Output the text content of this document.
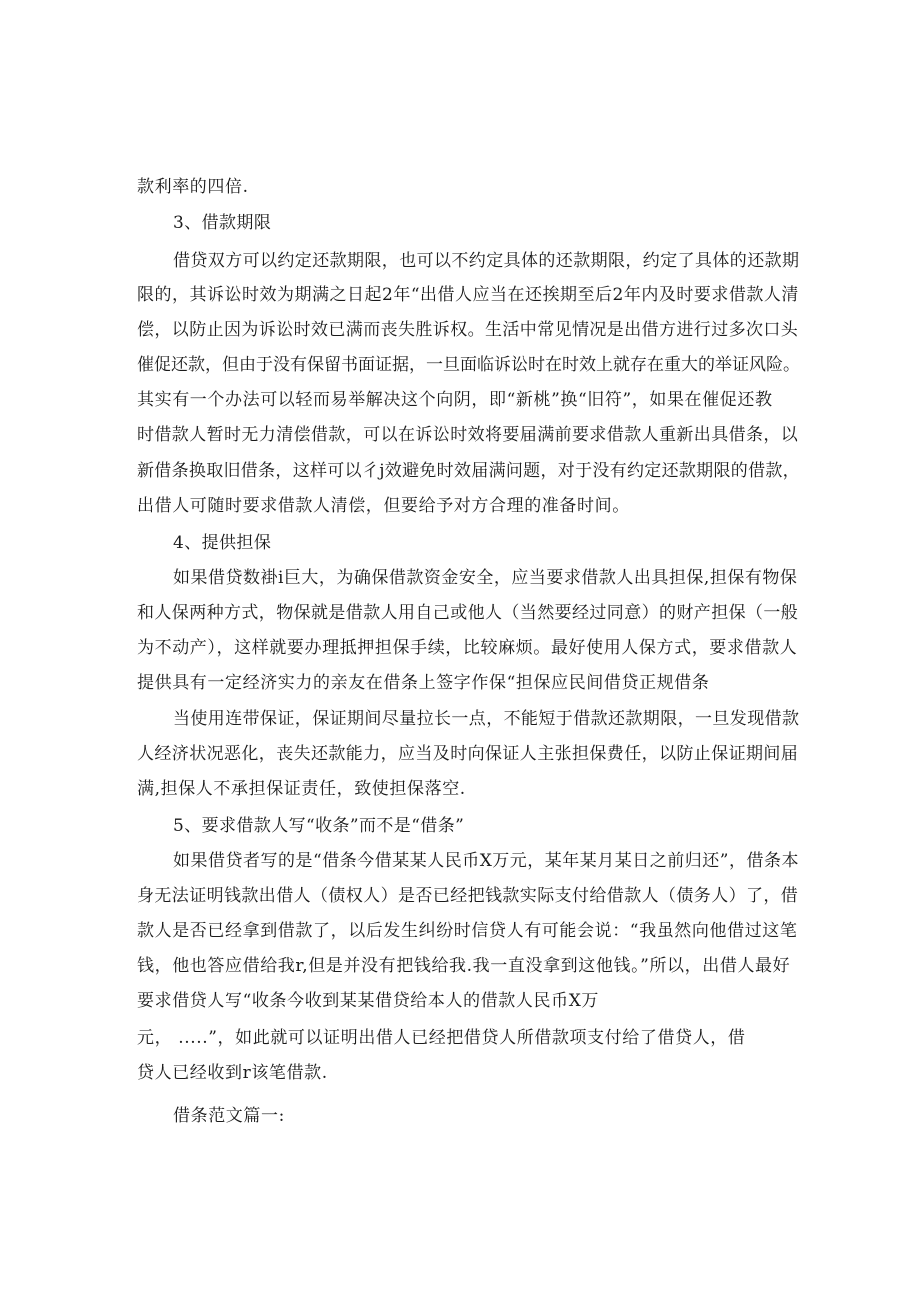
款利率的四倍.
3、借款期限
借贷双方可以约定还款期限，也可以不约定具体的还款期限，约定了具体的还款期
限的，其诉讼时效为期满之日起2年“出借人应当在还挨期至后2年内及时要求借款人清
偿，以防止因为诉讼时效已满而丧失胜诉权。生活中常见情况是出借方进行过多次口头
催促还款，但由于没有保留书面证据，一旦面临诉讼时在时效上就存在重大的举证风险。
其实有一个办法可以轻而易举解决这个向阴，即“新桃”换“旧符”，如果在催促还教
时借款人暂时无力清偿借款，可以在诉讼时效将要届满前要求借款人重新出具借条，以
新借条换取旧借条，这样可以彳j效避免时效届满问题，对于没有约定还款期限的借款，
出借人可随时要求借款人清偿，但要给予对方合理的准备时间。
4、提供担保
如果借贷数褂i巨大，为确保借款资金安全，应当要求借款人出具担保,担保有物保
和人保两种方式，物保就是借款人用自己或他人（当然要经过同意）的财产担保（一般
为不动产），这样就要办理抵押担保手续，比较麻烦。最好使用人保方式，要求借款人
提供具有一定经济实力的亲友在借条上签字作保“担保应民间借贷正规借条
当使用连带保证，保证期间尽量拉长一点，不能短于借款还款期限，一旦发现借款
人经济状况恶化，丧失还款能力，应当及时向保证人主张担保费任，以防止保证期间届
满,担保人不承担保证责任，致使担保落空.
5、要求借款人写“收条”而不是“借条”
如果借贷者写的是“借条今借某某人民币X万元，某年某月某日之前归还”，借条本
身无法证明钱款出借人（债权人）是否已经把钱款实际支付给借款人（债务人）了，借
款人是否已经拿到借款了，以后发生纠纷时信贷人有可能会说：“我虽然向他借过这笔
钱，他也答应借给我r,但是并没有把钱给我.我一直没拿到这他钱。”所以，出借人最好
要求借贷人写“收条今收到某某借贷给本人的借款人民币X万
元， .....”，如此就可以证明出借人已经把借贷人所借款项支付给了借贷人，借
贷人已经收到r该笔借款.
借条范文篇一:
